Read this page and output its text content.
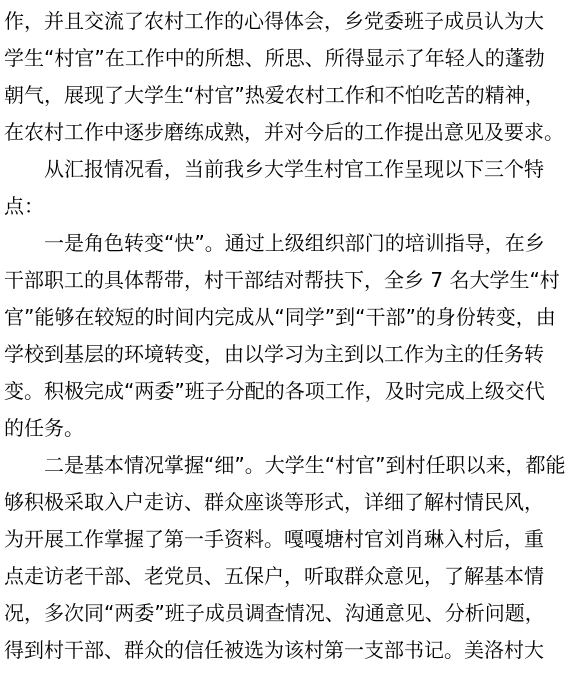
作，并且交流了农村工作的心得体会，乡党委班子成员认为大
学生“村官”在工作中的所想、所思、所得显示了年轻人的蓬勃
朝气，展现了大学生“村官”热爱农村工作和不怕吃苦的精神，
在农村工作中逐步磨练成熟，并对今后的工作提出意见及要求。
　　从汇报情况看，当前我乡大学生村官工作呈现以下三个特
点：
　　一是角色转变“快”。通过上级组织部门的培训指导，在乡
干部职工的具体帮带，村干部结对帮扶下，全乡 7 名大学生“村
官”能够在较短的时间内完成从“同学”到“干部”的身份转变，由
学校到基层的环境转变，由以学习为主到以工作为主的任务转
变。积极完成“两委”班子分配的各项工作，及时完成上级交代
的任务。
　　二是基本情况掌握“细”。大学生“村官”到村任职以来，都能
够积极采取入户走访、群众座谈等形式，详细了解村情民风，
为开展工作掌握了第一手资料。嘎嘎塘村官刘肖琳入村后，重
点走访老干部、老党员、五保户，听取群众意见，了解基本情
况，多次同“两委”班子成员调查情况、沟通意见、分析问题，
得到村干部、群众的信任被选为该村第一支部书记。美洛村大
